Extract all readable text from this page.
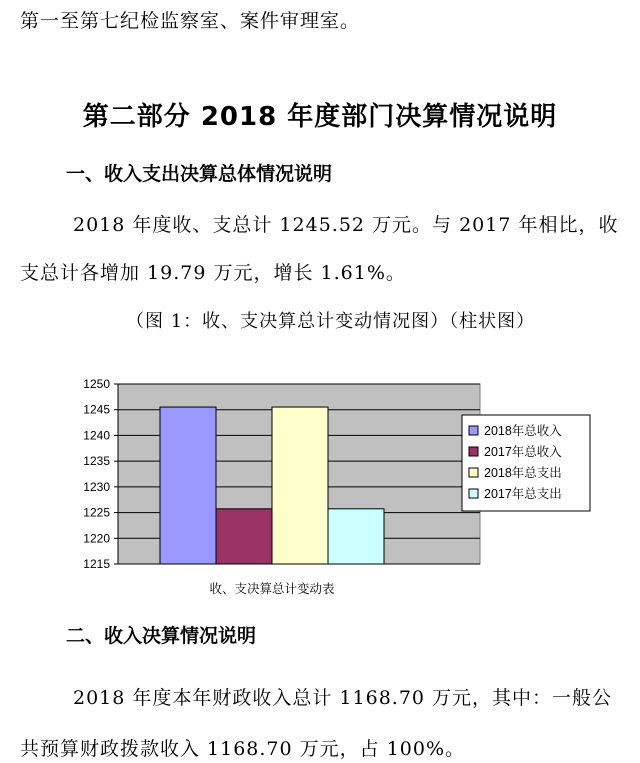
第一至第七纪检监察室、案件审理室。
第二部分 2018 年度部门决算情况说明
一、收入支出决算总体情况说明
2018 年度收、支总计 1245.52 万元。与 2017 年相比，收
支总计各增加 19.79 万元，增长 1.61%。
（图 1：收、支决算总计变动情况图）（柱状图）
1215
1220
1225
1230
1235
1240
1245
1250
2018年总收入
2017年总收入
2018年总支出
2017年总支出
收、支决算总计变动表
二、收入决算情况说明
2018 年度本年财政收入总计 1168.70 万元，其中：一般公
共预算财政拨款收入 1168.70 万元，占 100%。
